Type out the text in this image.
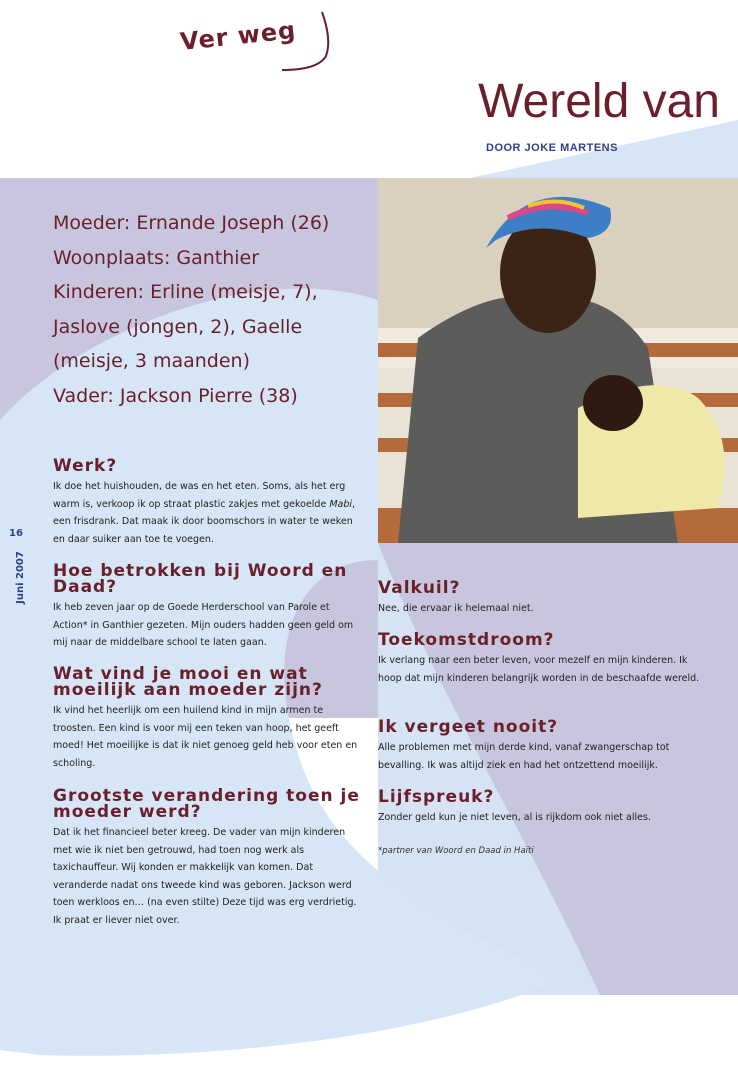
Ver weg
Wereld van
DOOR JOKE MARTENS
Moeder: Ernande Joseph (26)
Woonplaats: Ganthier
Kinderen: Erline (meisje, 7),
Jaslove (jongen, 2), Gaelle
(meisje, 3 maanden)
Vader: Jackson Pierre (38)
16
Juni 2007
Werk?

Ik doe het huishouden, de was en het eten. Soms, als het erg warm is, verkoop ik op straat plastic zakjes met gekoelde Mabi, een frisdrank. Dat maak ik door boomschors in water te weken en daar suiker aan toe te voegen.

Hoe betrokken bij Woord en Daad?

Ik heb zeven jaar op de Goede Herderschool van Parole et Action* in Ganthier gezeten. Mijn ouders hadden geen geld om mij naar de middelbare school te laten gaan.

Wat vind je mooi en wat moeilijk aan moeder zijn?

Ik vind het heerlijk om een huilend kind in mijn armen te troosten. Een kind is voor mij een teken van hoop, het geeft moed! Het moeilijke is dat ik niet genoeg geld heb voor eten en scholing.

Grootste verandering toen je moeder werd?

Dat ik het financieel beter kreeg. De vader van mijn kinderen met wie ik niet ben getrouwd, had toen nog werk als taxichauffeur. Wij konden er makkelijk van komen. Dat veranderde nadat ons tweede kind was geboren. Jackson werd toen werkloos en… (na even stilte) Deze tijd was erg verdrietig. Ik praat er liever niet over.

Valkuil?

Nee, die ervaar ik helemaal niet.

Toekomstdroom?

Ik verlang naar een beter leven, voor mezelf en mijn kinderen. Ik hoop dat mijn kinderen belangrijk worden in de beschaafde wereld.

Ik vergeet nooit?

Alle problemen met mijn derde kind, vanaf zwangerschap tot bevalling. Ik was altijd ziek en had het ontzettend moeilijk.

Lijfspreuk?

Zonder geld kun je niet leven, al is rijkdom ook niet alles.

*partner van Woord en Daad in Haïti
